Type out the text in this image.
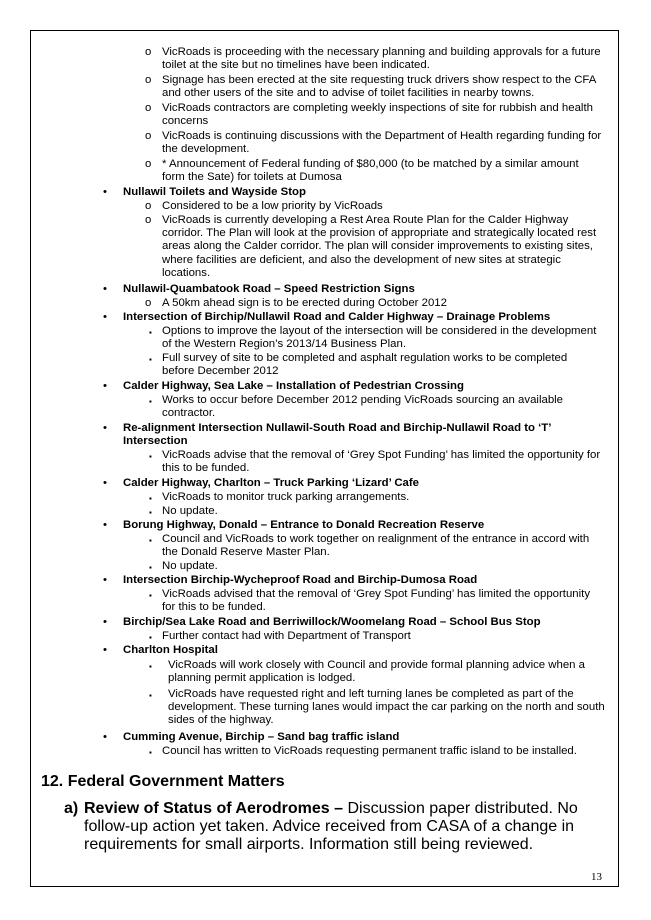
o VicRoads is proceeding with the necessary planning and building approvals for a future toilet at the site but no timelines have been indicated.
o Signage has been erected at the site requesting truck drivers show respect to the CFA and other users of the site and to advise of toilet facilities in nearby towns.
o VicRoads contractors are completing weekly inspections of site for rubbish and health concerns
o VicRoads is continuing discussions with the Department of Health regarding funding for the development.
o * Announcement of Federal funding of $80,000 (to be matched by a similar amount form the Sate) for toilets at Dumosa
• Nullawil Toilets and Wayside Stop
o Considered to be a low priority by VicRoads
o VicRoads is currently developing a Rest Area Route Plan for the Calder Highway corridor. The Plan will look at the provision of appropriate and strategically located rest areas along the Calder corridor. The plan will consider improvements to existing sites, where facilities are deficient, and also the development of new sites at strategic locations.
• Nullawil-Quambatook Road – Speed Restriction Signs
o A 50km ahead sign is to be erected during October 2012
• Intersection of Birchip/Nullawil Road and Calder Highway – Drainage Problems
▪ Options to improve the layout of the intersection will be considered in the development of the Western Region’s 2013/14 Business Plan.
▪ Full survey of site to be completed and asphalt regulation works to be completed before December 2012
• Calder Highway, Sea Lake – Installation of Pedestrian Crossing
▪ Works to occur before December 2012 pending VicRoads sourcing an available contractor.
• Re-alignment Intersection Nullawil-South Road and Birchip-Nullawil Road to ‘T’ Intersection
▪ VicRoads advise that the removal of ‘Grey Spot Funding’ has limited the opportunity for this to be funded.
• Calder Highway, Charlton – Truck Parking ‘Lizard’ Cafe
▪ VicRoads to monitor truck parking arrangements.
▪ No update.
• Borung Highway, Donald – Entrance to Donald Recreation Reserve
▪ Council and VicRoads to work together on realignment of the entrance in accord with the Donald Reserve Master Plan.
▪ No update.
• Intersection Birchip-Wycheproof Road and Birchip-Dumosa Road
▪ VicRoads advised that the removal of ‘Grey Spot Funding’ has limited the opportunity for this to be funded.
• Birchip/Sea Lake Road and Berriwillock/Woomelang Road – School Bus Stop
▪ Further contact had with Department of Transport
• Charlton Hospital
▪ VicRoads will work closely with Council and provide formal planning advice when a planning permit application is lodged.
▪ VicRoads have requested right and left turning lanes be completed as part of the development. These turning lanes would impact the car parking on the north and south sides of the highway.
• Cumming Avenue, Birchip – Sand bag traffic island
▪ Council has written to VicRoads requesting permanent traffic island to be installed.
12. Federal Government Matters
a) Review of Status of Aerodromes – Discussion paper distributed. No follow-up action yet taken. Advice received from CASA of a change in requirements for small airports. Information still being reviewed.
13
